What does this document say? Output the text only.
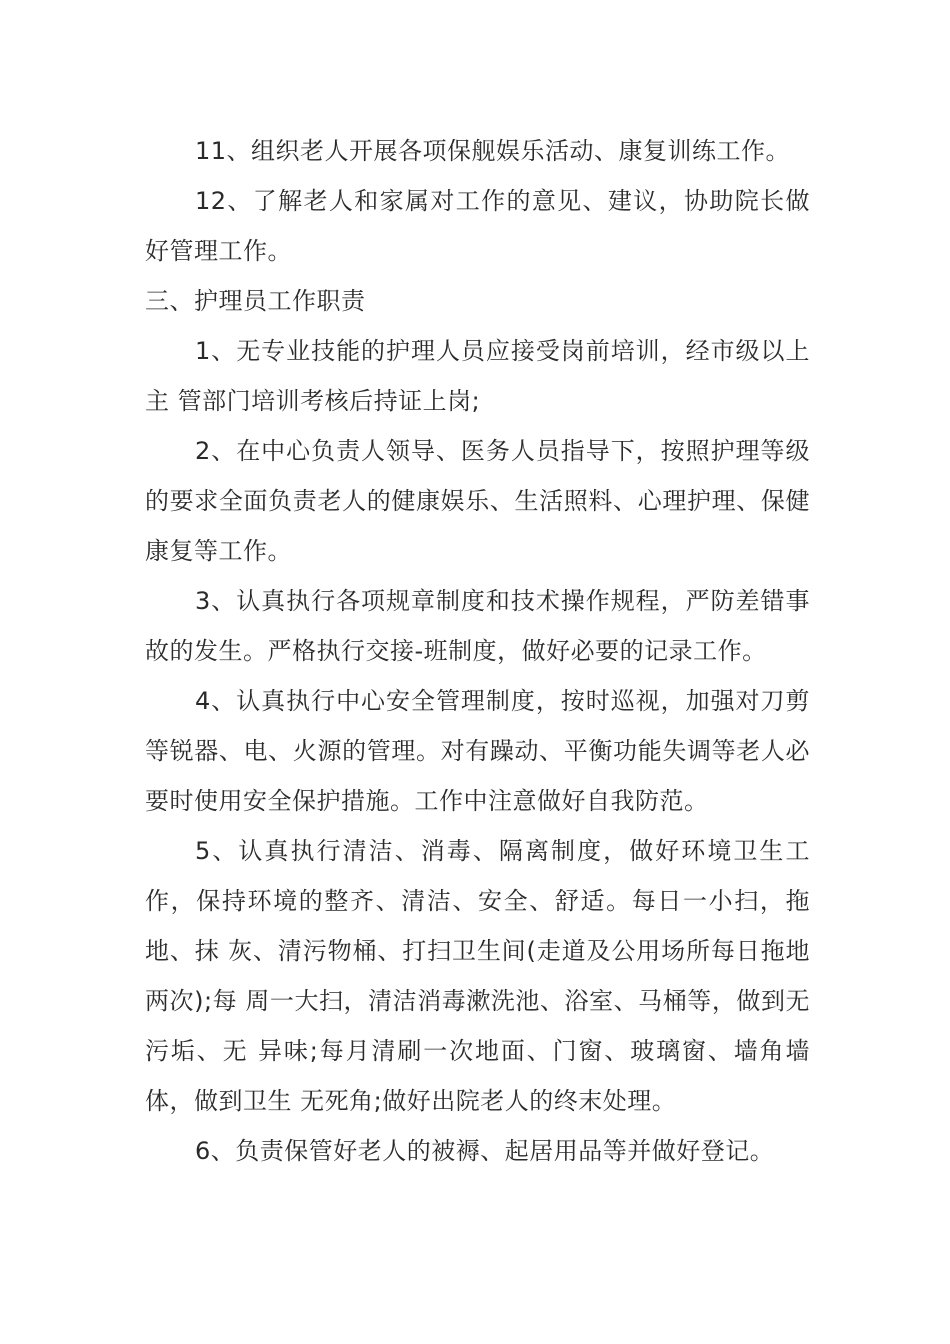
11、组织老人开展各项保舰娱乐活动、康复训练工作。

12、了解老人和家属对工作的意见、建议，协助院长做好管理工作。

三、护理员工作职责

1、无专业技能的护理人员应接受岗前培训，经市级以上主 管部门培训考核后持证上岗;

2、在中心负责人领导、医务人员指导下，按照护理等级的要求全面负责老人的健康娱乐、生活照料、心理护理、保健康复等工作。

3、认真执行各项规章制度和技术操作规程，严防差错事故的发生。严格执行交接-班制度，做好必要的记录工作。

4、认真执行中心安全管理制度，按时巡视，加强对刀剪等锐器、电、火源的管理。对有躁动、平衡功能失调等老人必要时使用安全保护措施。工作中注意做好自我防范。

5、认真执行清洁、消毒、隔离制度，做好环境卫生工作，保持环境的整齐、清洁、安全、舒适。每日一小扫，拖地、抹 灰、清污物桶、打扫卫生间(走道及公用场所每日拖地两次);每 周一大扫，清洁消毒漱洗池、浴室、马桶等，做到无污垢、无 异味;每月清刷一次地面、门窗、玻璃窗、墙角墙体，做到卫生 无死角;做好出院老人的终末处理。

6、负责保管好老人的被褥、起居用品等并做好登记。
